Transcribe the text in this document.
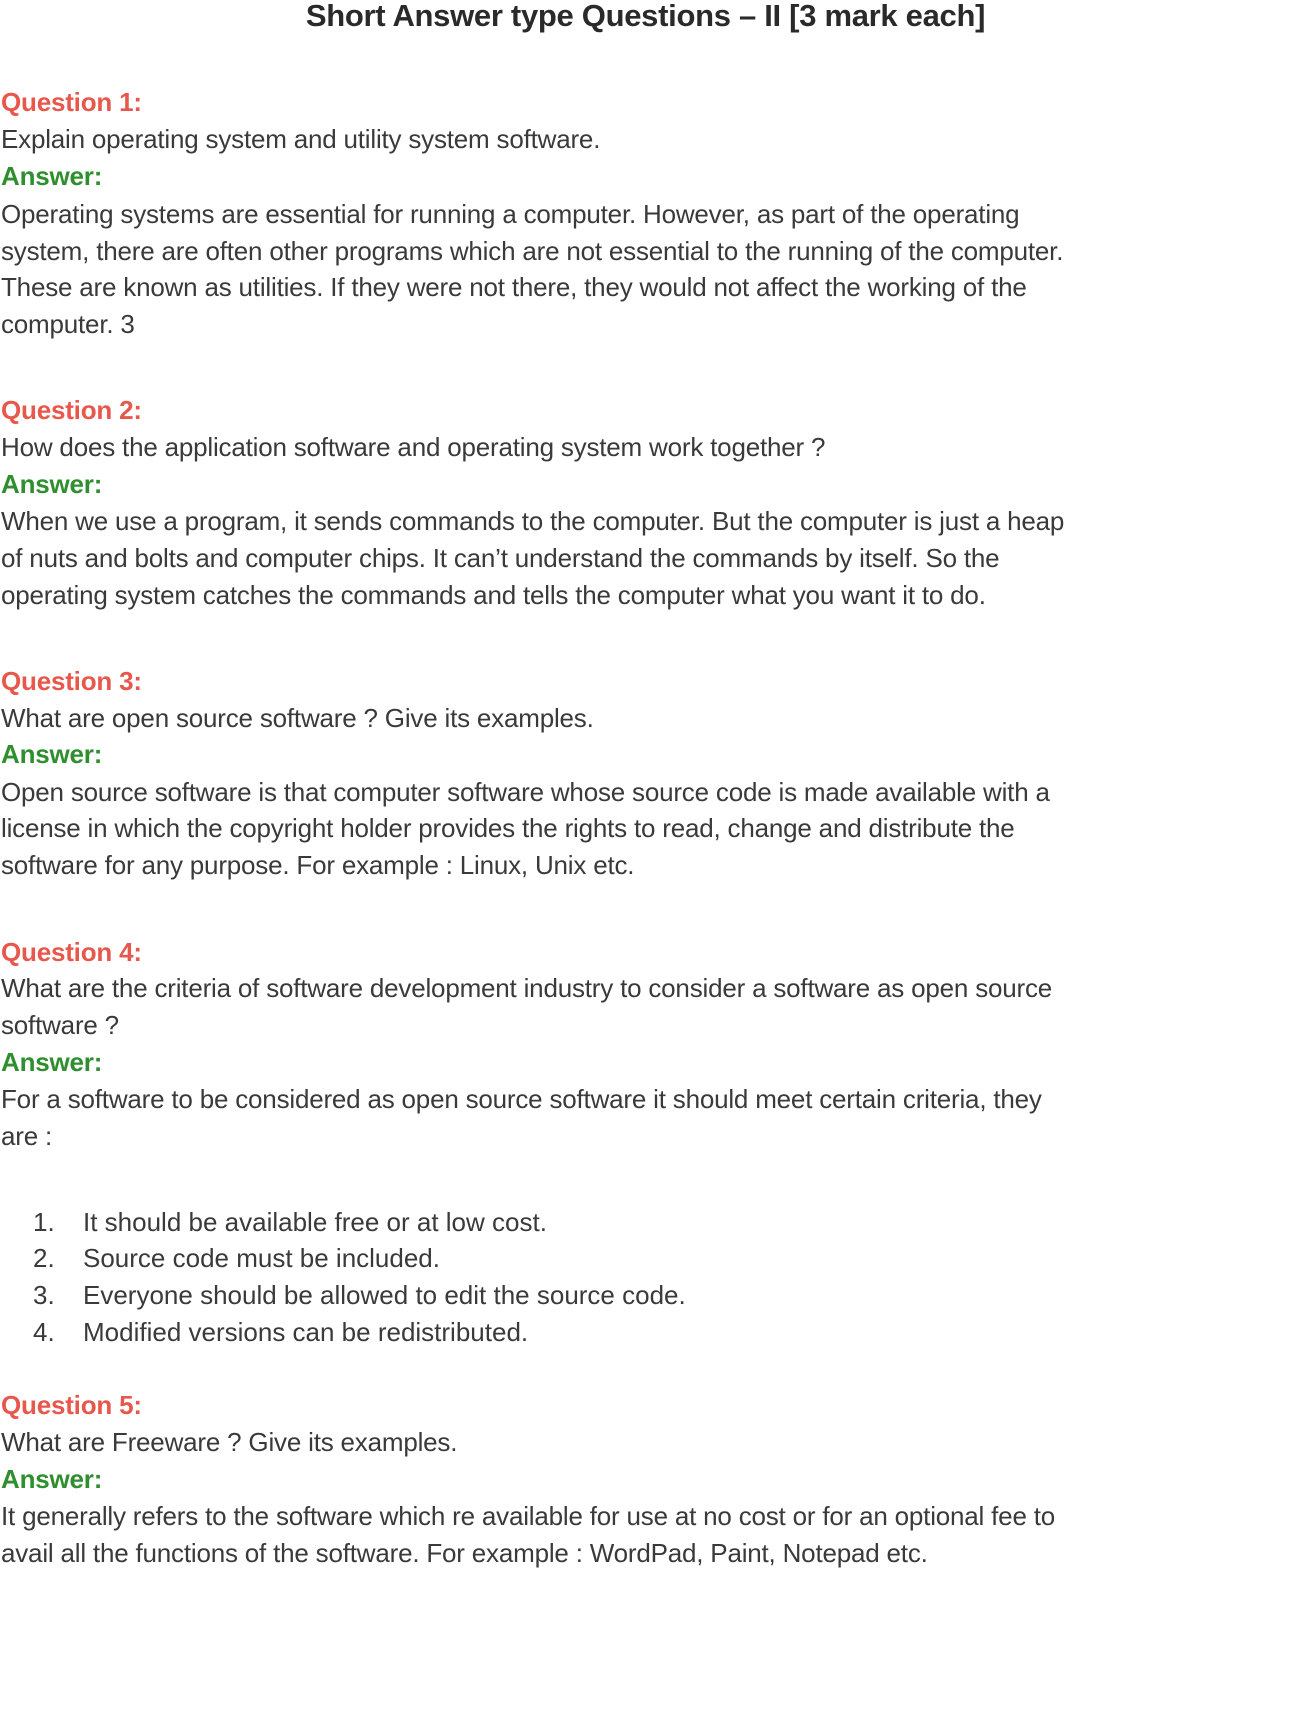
Short Answer type Questions – II [3 mark each]
Question 1:
Explain operating system and utility system software.
Answer:
Operating systems are essential for running a computer. However, as part of the operating
system, there are often other programs which are not essential to the running of the computer.
These are known as utilities. If they were not there, they would not affect the working of the
computer. 3
Question 2:
How does the application software and operating system work together ?
Answer:
When we use a program, it sends commands to the computer. But the computer is just a heap
of nuts and bolts and computer chips. It can’t understand the commands by itself. So the
operating system catches the commands and tells the computer what you want it to do.
Question 3:
What are open source software ? Give its examples.
Answer:
Open source software is that computer software whose source code is made available with a
license in which the copyright holder provides the rights to read, change and distribute the
software for any purpose. For example : Linux, Unix etc.
Question 4:
What are the criteria of software development industry to consider a software as open source
software ?
Answer:
For a software to be considered as open source software it should meet certain criteria, they
are :
1. It should be available free or at low cost.
2. Source code must be included.
3. Everyone should be allowed to edit the source code.
4. Modified versions can be redistributed.
Question 5:
What are Freeware ? Give its examples.
Answer:
It generally refers to the software which re available for use at no cost or for an optional fee to
avail all the functions of the software. For example : WordPad, Paint, Notepad etc.
